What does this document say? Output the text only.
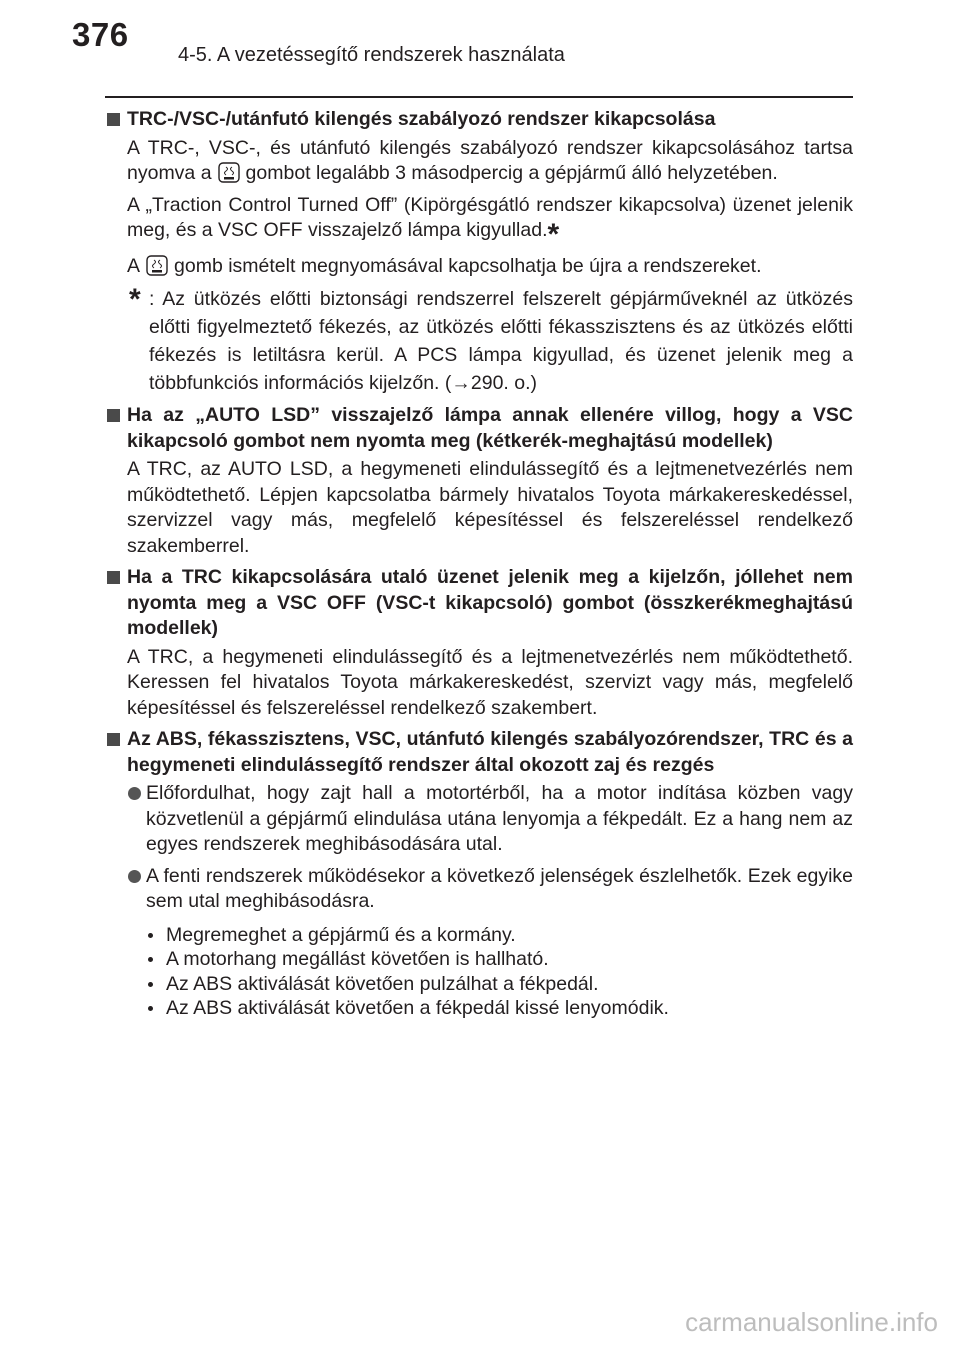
376
4-5. A vezetéssegítő rendszerek használata
TRC-/VSC-/utánfutó kilengés szabályozó rendszer kikapcsolása
A TRC-, VSC-, és utánfutó kilengés szabályozó rendszer kikapcsolásához tartsa nyomva a gombot legalább 3 másodpercig a gépjármű álló helyzetében.
A „Traction Control Turned Off” (Kipörgésgátló rendszer kikapcsolva) üzenet jelenik meg, és a VSC OFF visszajelző lámpa kigyullad.*
A gomb ismételt megnyomásával kapcsolhatja be újra a rendszereket.
* : Az ütközés előtti biztonsági rendszerrel felszerelt gépjárműveknél az ütközés előtti figyelmeztető fékezés, az ütközés előtti fékasszisztens és az ütközés előtti fékezés is letiltásra kerül. A PCS lámpa kigyullad, és üzenet jelenik meg a többfunkciós információs kijelzőn. (→290. o.)
Ha az „AUTO LSD” visszajelző lámpa annak ellenére villog, hogy a VSC kikapcsoló gombot nem nyomta meg (kétkerék-meghajtású modellek)
A TRC, az AUTO LSD, a hegymeneti elindulássegítő és a lejtmenetvezérlés nem működtethető. Lépjen kapcsolatba bármely hivatalos Toyota márkakereskedéssel, szervizzel vagy más, megfelelő képesítéssel és felszereléssel rendelkező szakemberrel.
Ha a TRC kikapcsolására utaló üzenet jelenik meg a kijelzőn, jóllehet nem nyomta meg a VSC OFF (VSC-t kikapcsoló) gombot (összkerékmeghajtású modellek)
A TRC, a hegymeneti elindulássegítő és a lejtmenetvezérlés nem működtethető. Keressen fel hivatalos Toyota márkakereskedést, szervizt vagy más, megfelelő képesítéssel és felszereléssel rendelkező szakembert.
Az ABS, fékasszisztens, VSC, utánfutó kilengés szabályozórendszer, TRC és a hegymeneti elindulássegítő rendszer által okozott zaj és rezgés
Előfordulhat, hogy zajt hall a motortérből, ha a motor indítása közben vagy közvetlenül a gépjármű elindulása utána lenyomja a fékpedált. Ez a hang nem az egyes rendszerek meghibásodására utal.
A fenti rendszerek működésekor a következő jelenségek észlelhetők. Ezek egyike sem utal meghibásodásra.
Megremeghet a gépjármű és a kormány.
A motorhang megállást követően is hallható.
Az ABS aktiválását követően pulzálhat a fékpedál.
Az ABS aktiválását követően a fékpedál kissé lenyomódik.
carmanualsonline.info
